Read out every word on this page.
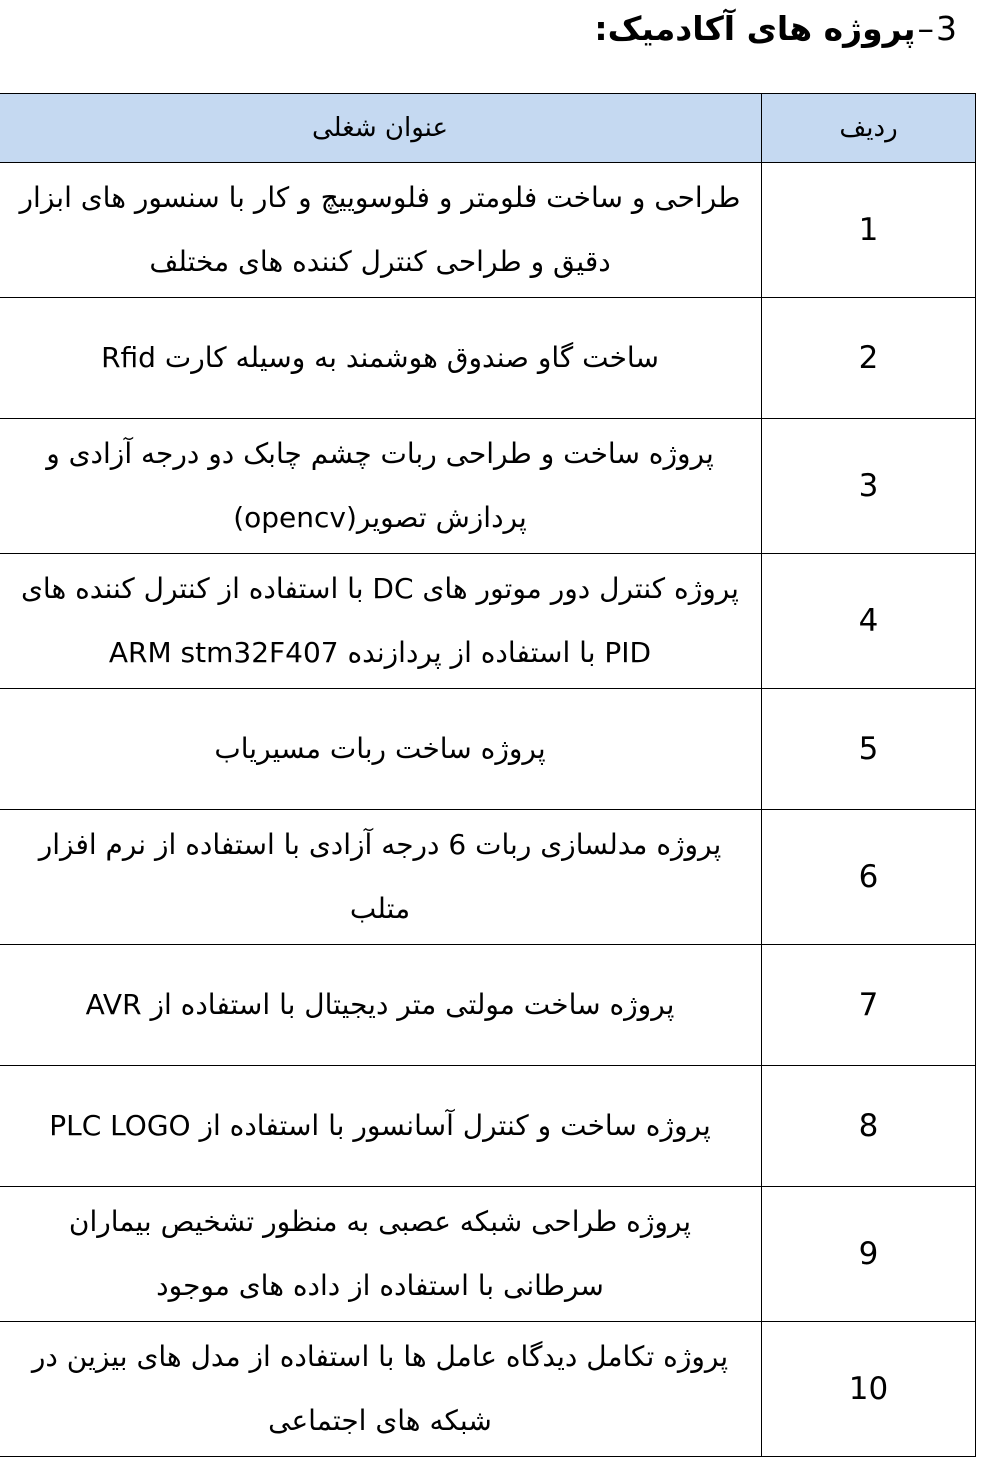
3
–
پروژه های آکادمیک:
ردیف	عنوان شغلی
1	طراحی و ساخت فلومتر و فلوسوییچ و کار با سنسور های ابزار دقیق و طراحی کنترل کننده های مختلف
2	ساخت گاو صندوق هوشمند به وسیله کارت Rfid
3	پروژه ساخت و طراحی ربات چشم چابک دو درجه آزادی و پردازش تصویر(opencv)
4	پروژه کنترل دور موتور های DC با استفاده از کنترل کننده های PID با استفاده از پردازنده ARM stm32F407
5	پروژه ساخت ربات مسیریاب
6	پروژه مدلسازی ربات 6 درجه آزادی با استفاده از نرم افزار متلب
7	پروژه ساخت مولتی متر دیجیتال با استفاده از AVR
8	پروژه ساخت و کنترل آسانسور با استفاده از PLC LOGO
9	پروژه طراحی شبکه عصبی به منظور تشخیص بیماران سرطانی با استفاده از داده های موجود
10	پروژه تکامل دیدگاه عامل ها با استفاده از مدل های بیزین در شبکه های اجتماعی
